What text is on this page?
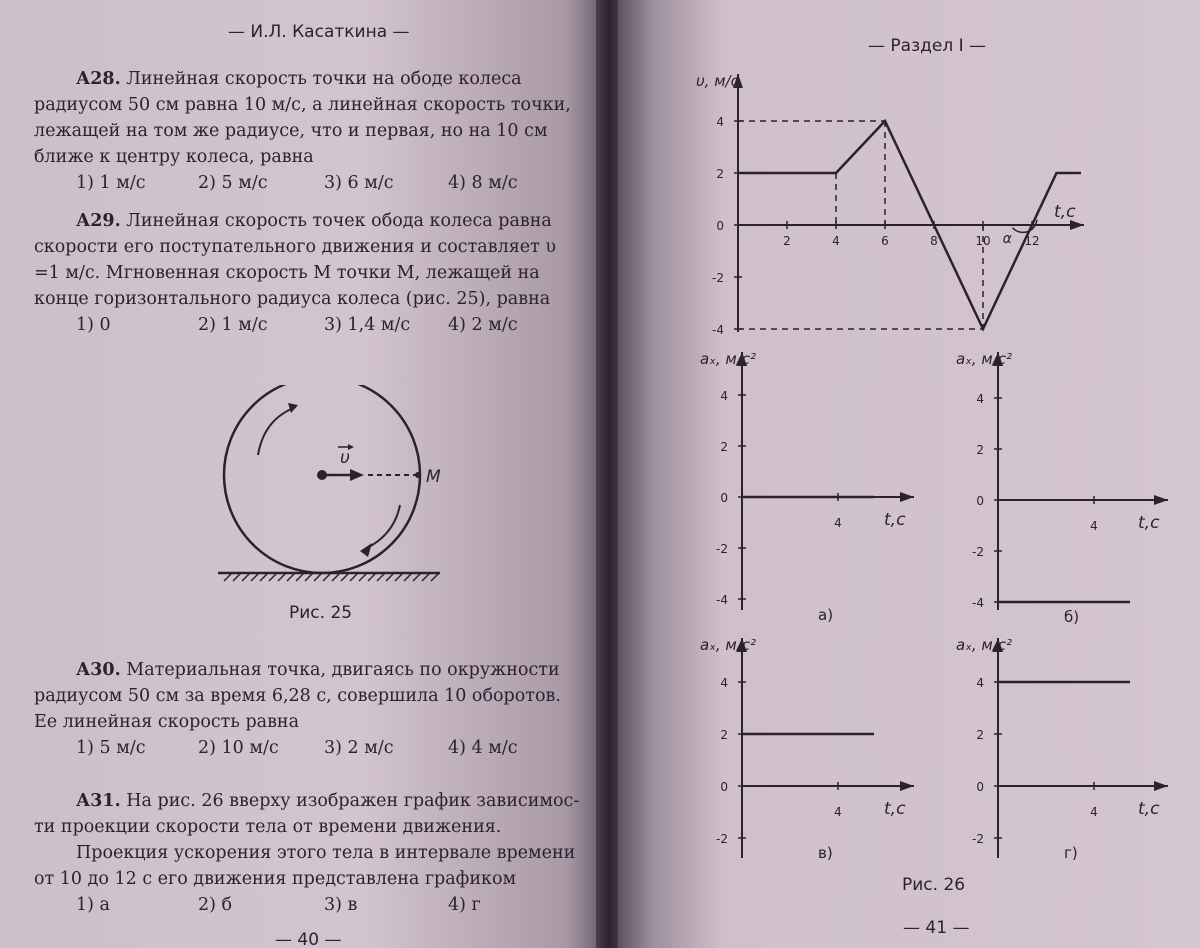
— И.Л. Касаткина —

А28. Линейная скорость точки на ободе колеса

радиусом 50 см равна 10 м/с, а линейная скорость точки,

лежащей на том же радиусе, что и первая, но на 10 см

ближе к центру колеса, равна

1) 1 м/с	2) 5 м/с	3) 6 м/с	4) 8 м/с

А29. Линейная скорость точек обода колеса равна

скорости его поступательного движения и составляет υ

=1 м/с. Мгновенная скорость М точки М, лежащей на

конце горизонтального радиуса колеса (рис. 25), равна

1) 0	2) 1 м/с	3) 1,4 м/с	4) 2 м/с
υ
M
Рис. 25

А30. Материальная точка, двигаясь по окружности

радиусом 50 см за время 6,28 с, совершила 10 оборотов.

Ее линейная скорость равна

1) 5 м/с	2) 10 м/с	3) 2 м/с	4) 4 м/с

А31. На рис. 26 вверху изображен график зависимос-

ти проекции скорости тела от времени движения.

Проекция ускорения этого тела в интервале времени

от 10 до 12 с его движения представлена графиком

1) а	2) б	3) в	4) г
— 40 —
— Раздел I —
4
2
0
-2
-4
2	4	6	8	10	12
υ, м/с
t,c
α
4
2
0
-2
-4
4
aₓ, м/с²
t,c
а)
4
2
0
-2
-4
4
aₓ, м/с²
t,c
б)
4
2
0
-2
4
aₓ, м/с²
t,c
в)
4
2
0
-2
4
aₓ, м/с²
t,c
г)
Рис. 26
— 41 —
